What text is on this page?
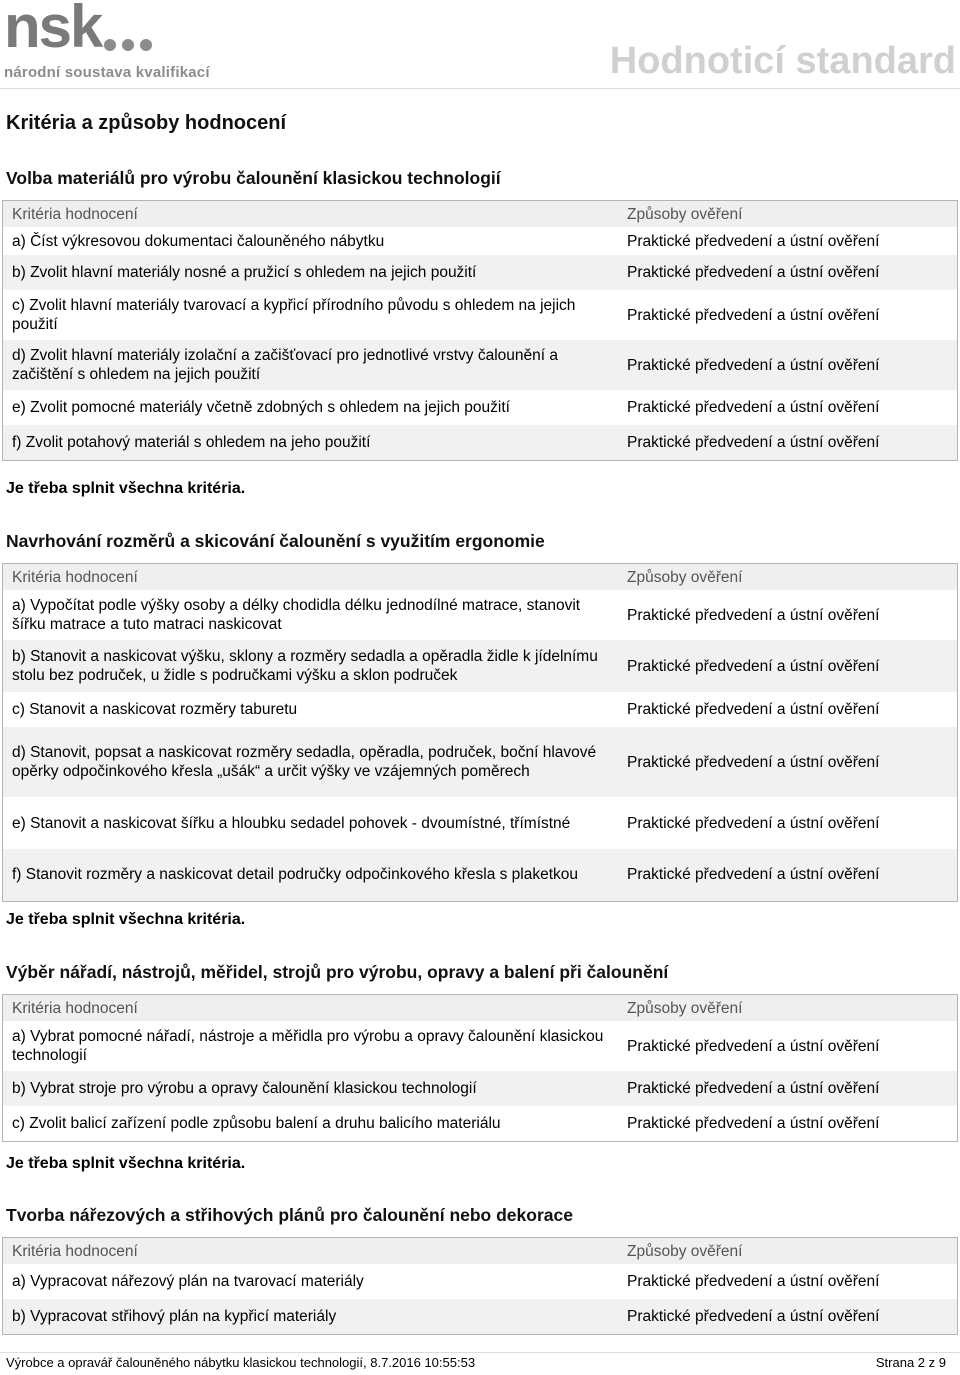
nsk
národní soustava kvalifikací	Hodnoticí standard
Kritéria a způsoby hodnocení
Volba materiálů pro výrobu čalounění klasickou technologií
Kritéria hodnocení	Způsoby ověření
a) Číst výkresovou dokumentaci čalouněného nábytku	Praktické předvedení a ústní ověření
b) Zvolit hlavní materiály nosné a pružicí s ohledem na jejich použití	Praktické předvedení a ústní ověření
c) Zvolit hlavní materiály tvarovací a kypřicí přírodního původu s ohledem na jejich použití	Praktické předvedení a ústní ověření
d) Zvolit hlavní materiály izolační a začišťovací pro jednotlivé vrstvy čalounění a začištění s ohledem na jejich použití	Praktické předvedení a ústní ověření
e) Zvolit pomocné materiály včetně zdobných s ohledem na jejich použití	Praktické předvedení a ústní ověření
f) Zvolit potahový materiál s ohledem na jeho použití	Praktické předvedení a ústní ověření
Je třeba splnit všechna kritéria.
Navrhování rozměrů a skicování čalounění s využitím ergonomie
Kritéria hodnocení	Způsoby ověření
a) Vypočítat podle výšky osoby a délky chodidla délku jednodílné matrace, stanovit šířku matrace a tuto matraci naskicovat	Praktické předvedení a ústní ověření
b) Stanovit a naskicovat výšku, sklony a rozměry sedadla a opěradla židle k jídelnímu stolu bez područek, u židle s područkami výšku a sklon područek	Praktické předvedení a ústní ověření
c) Stanovit a naskicovat rozměry taburetu	Praktické předvedení a ústní ověření
d) Stanovit, popsat a naskicovat rozměry sedadla, opěradla, područek, boční hlavové opěrky odpočinkového křesla „ušák“ a určit výšky ve vzájemných poměrech	Praktické předvedení a ústní ověření
e) Stanovit a naskicovat šířku a hloubku sedadel pohovek - dvoumístné, třímístné	Praktické předvedení a ústní ověření
f) Stanovit rozměry a naskicovat detail područky odpočinkového křesla s plaketkou	Praktické předvedení a ústní ověření
Je třeba splnit všechna kritéria.
Výběr nářadí, nástrojů, měřidel, strojů pro výrobu, opravy a balení při čalounění
Kritéria hodnocení	Způsoby ověření
a) Vybrat pomocné nářadí, nástroje a měřidla pro výrobu a opravy čalounění klasickou technologií	Praktické předvedení a ústní ověření
b) Vybrat stroje pro výrobu a opravy čalounění klasickou technologií	Praktické předvedení a ústní ověření
c) Zvolit balicí zařízení podle způsobu balení a druhu balicího materiálu	Praktické předvedení a ústní ověření
Je třeba splnit všechna kritéria.
Tvorba nářezových a střihových plánů pro čalounění nebo dekorace
Kritéria hodnocení	Způsoby ověření
a) Vypracovat nářezový plán na tvarovací materiály	Praktické předvedení a ústní ověření
b) Vypracovat střihový plán na kypřicí materiály	Praktické předvedení a ústní ověření
Výrobce a opravář čalouněného nábytku klasickou technologií, 8.7.2016 10:55:53	Strana 2 z 9
